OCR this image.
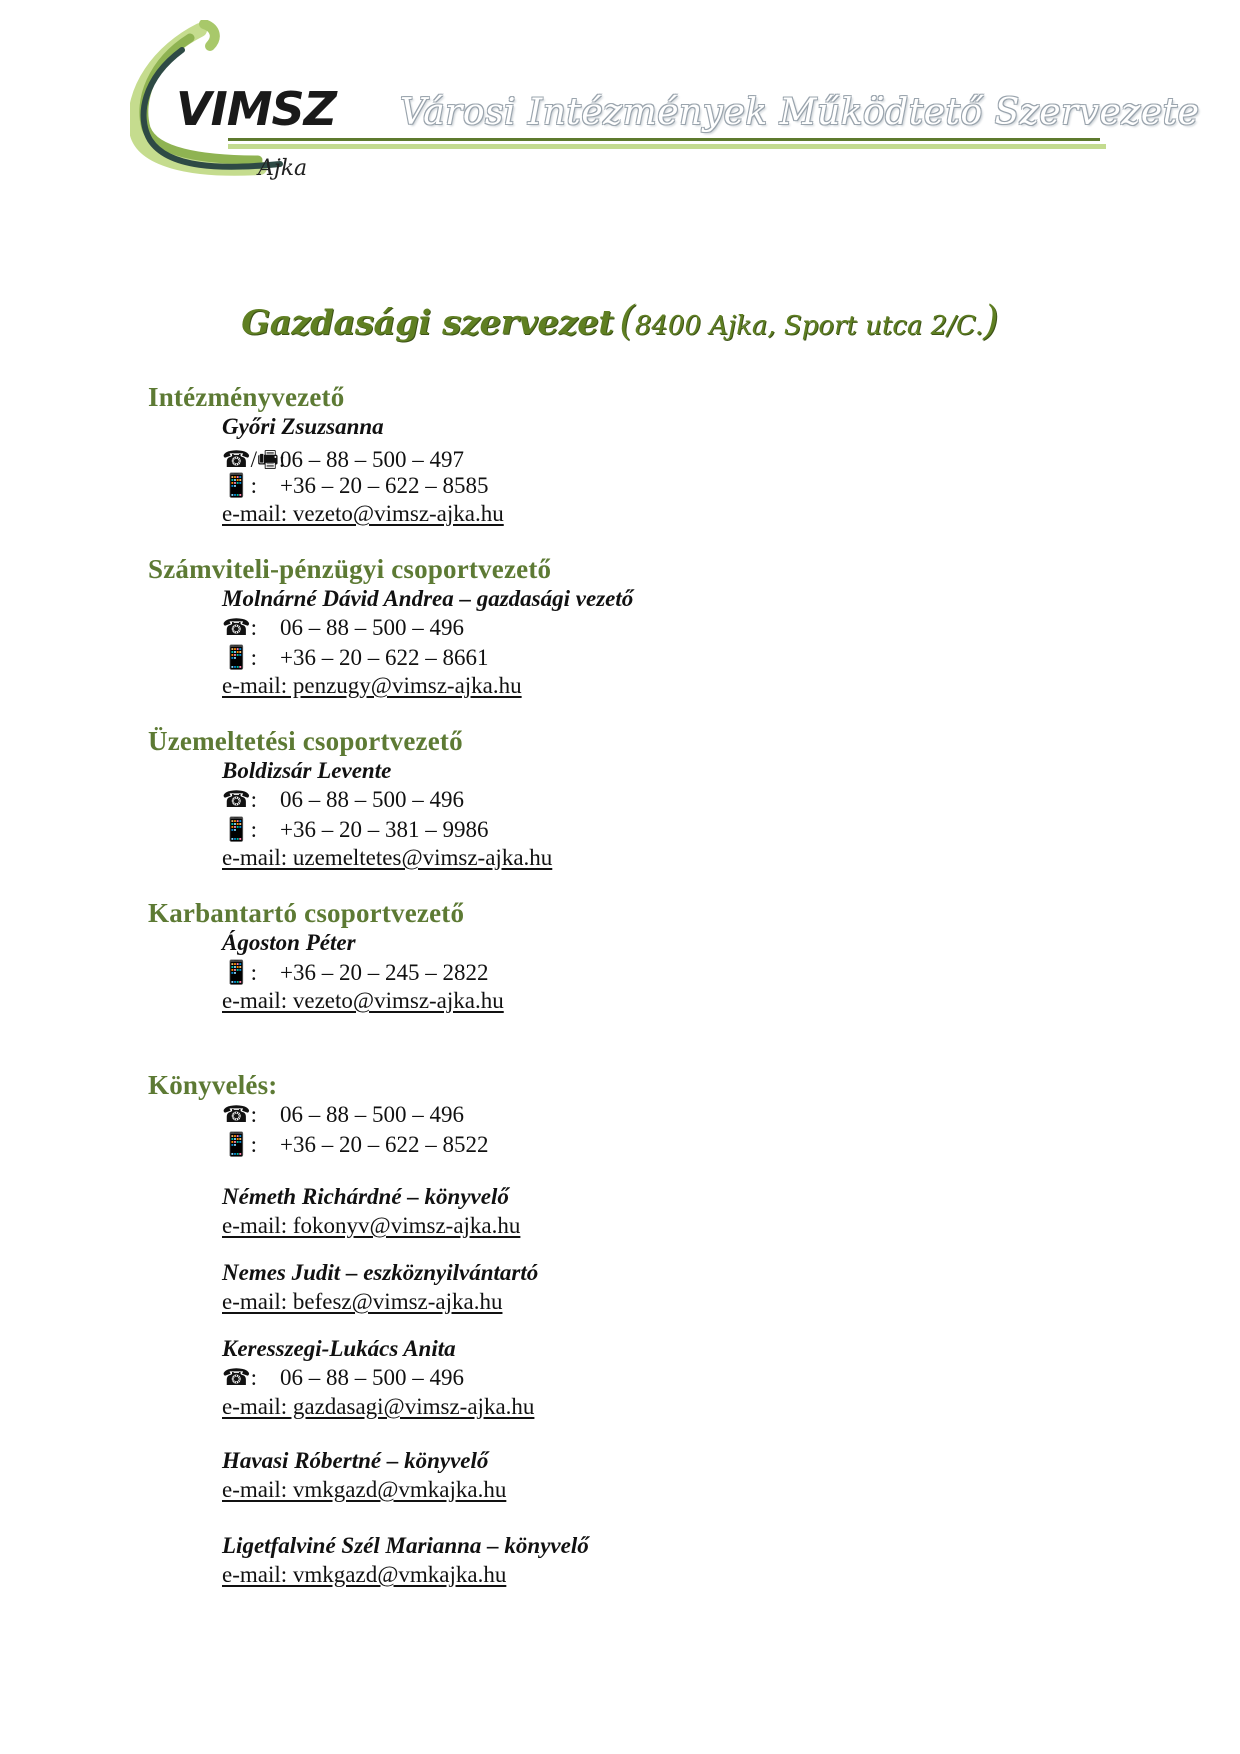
VIMSZ
Ajka
Városi Intézmények Működtető Szervezete
Gazdasági szervezet (8400 Ajka, Sport utca 2/C.)
Intézményvezető
Győri Zsuzsanna
☎/🖷:06 – 88 – 500 – 497
📱: +36 – 20 – 622 – 8585
e-mail: vezeto@vimsz-ajka.hu
Számviteli-pénzügyi csoportvezető
Molnárné Dávid Andrea – gazdasági vezető
☎: 06 – 88 – 500 – 496
📱: +36 – 20 – 622 – 8661
e-mail: penzugy@vimsz-ajka.hu
Üzemeltetési csoportvezető
Boldizsár Levente
☎: 06 – 88 – 500 – 496
📱: +36 – 20 – 381 – 9986
e-mail: uzemeltetes@vimsz-ajka.hu
Karbantartó csoportvezető
Ágoston Péter
📱: +36 – 20 – 245 – 2822
e-mail: vezeto@vimsz-ajka.hu
Könyvelés:
☎: 06 – 88 – 500 – 496
📱: +36 – 20 – 622 – 8522
Németh Richárdné – könyvelő
e-mail: fokonyv@vimsz-ajka.hu
Nemes Judit – eszköznyilvántartó
e-mail: befesz@vimsz-ajka.hu
Keresszegi-Lukács Anita
☎: 06 – 88 – 500 – 496
e-mail: gazdasagi@vimsz-ajka.hu
Havasi Róbertné – könyvelő
e-mail: vmkgazd@vmkajka.hu
Ligetfalviné Szél Marianna – könyvelő
e-mail: vmkgazd@vmkajka.hu
